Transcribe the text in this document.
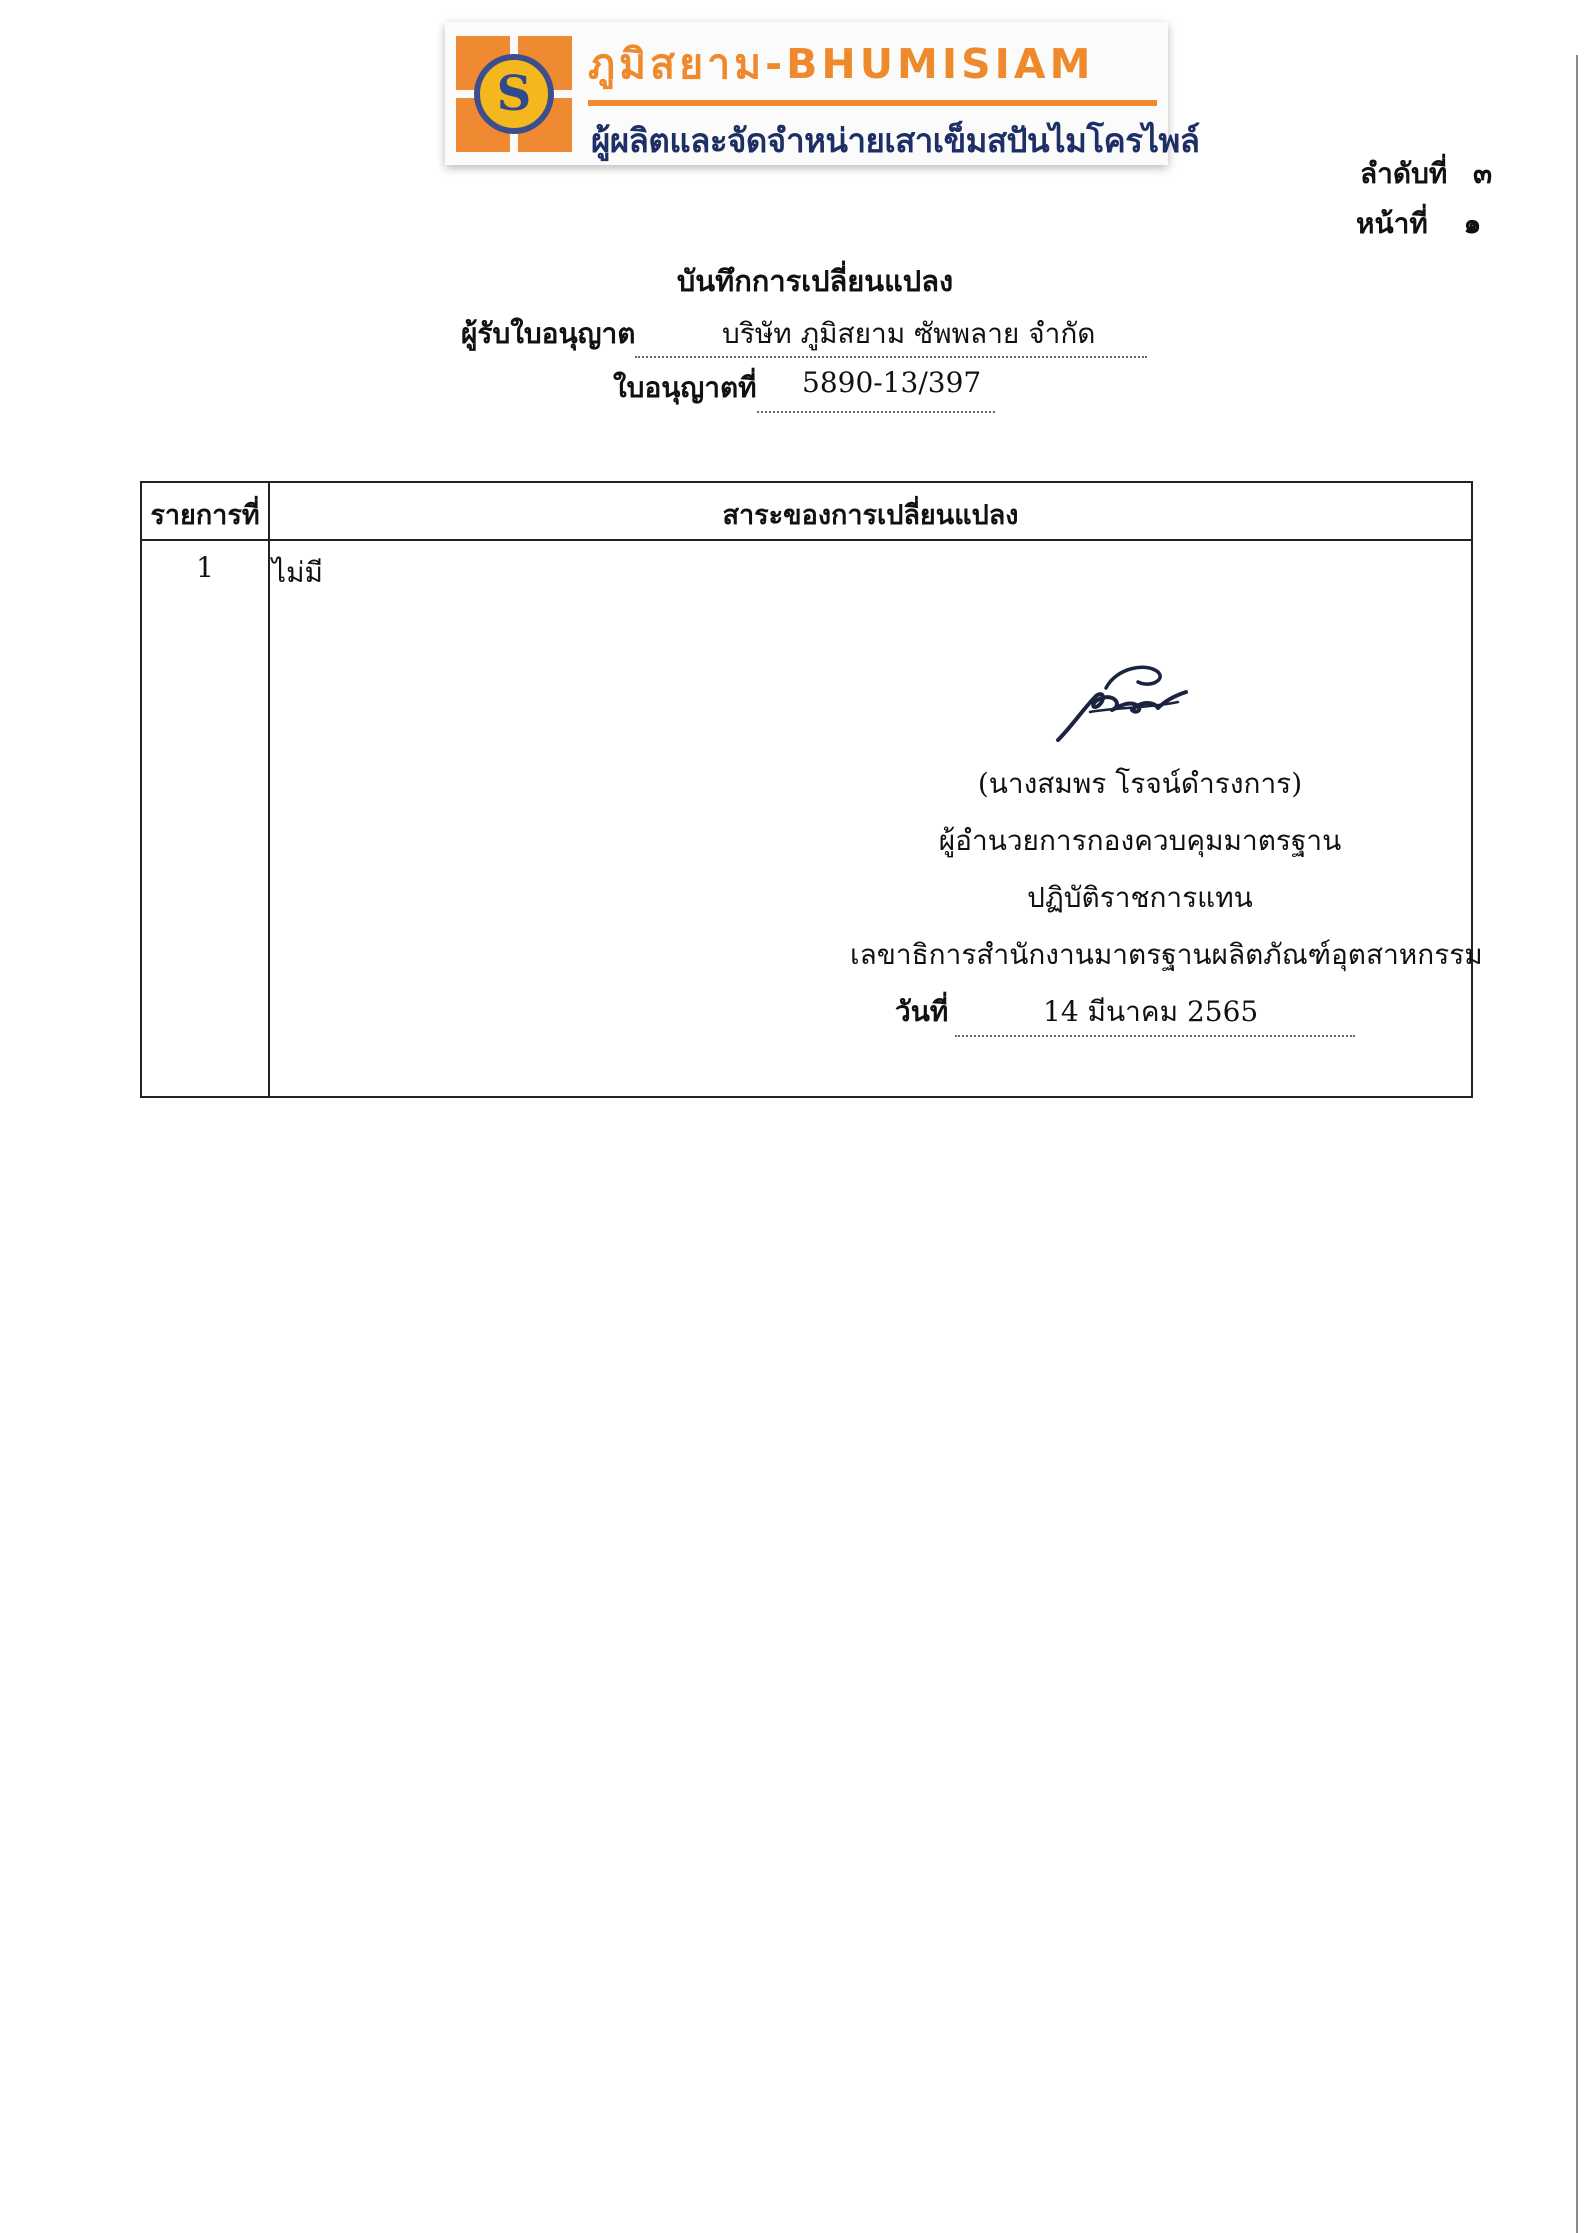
S
ภูมิสยาม-BHUMISIAM
ผู้ผลิตและจัดจำหน่ายเสาเข็มสปันไมโครไพล์
ลำดับที่ ๓
หน้าที่ ๑
บันทึกการเปลี่ยนแปลง
ผู้รับใบอนุญาต	บริษัท ภูมิสยาม ซัพพลาย จำกัด
ใบอนุญาตที่ 5890-13/397
รายการที่	สาระของการเปลี่ยนแปลง
1	ไม่มี
(นางสมพร โรจน์ดำรงการ)
ผู้อำนวยการกองควบคุมมาตรฐาน
ปฏิบัติราชการแทน
เลขาธิการสำนักงานมาตรฐานผลิตภัณฑ์อุตสาหกรรม
วันที่	14 มีนาคม 2565
